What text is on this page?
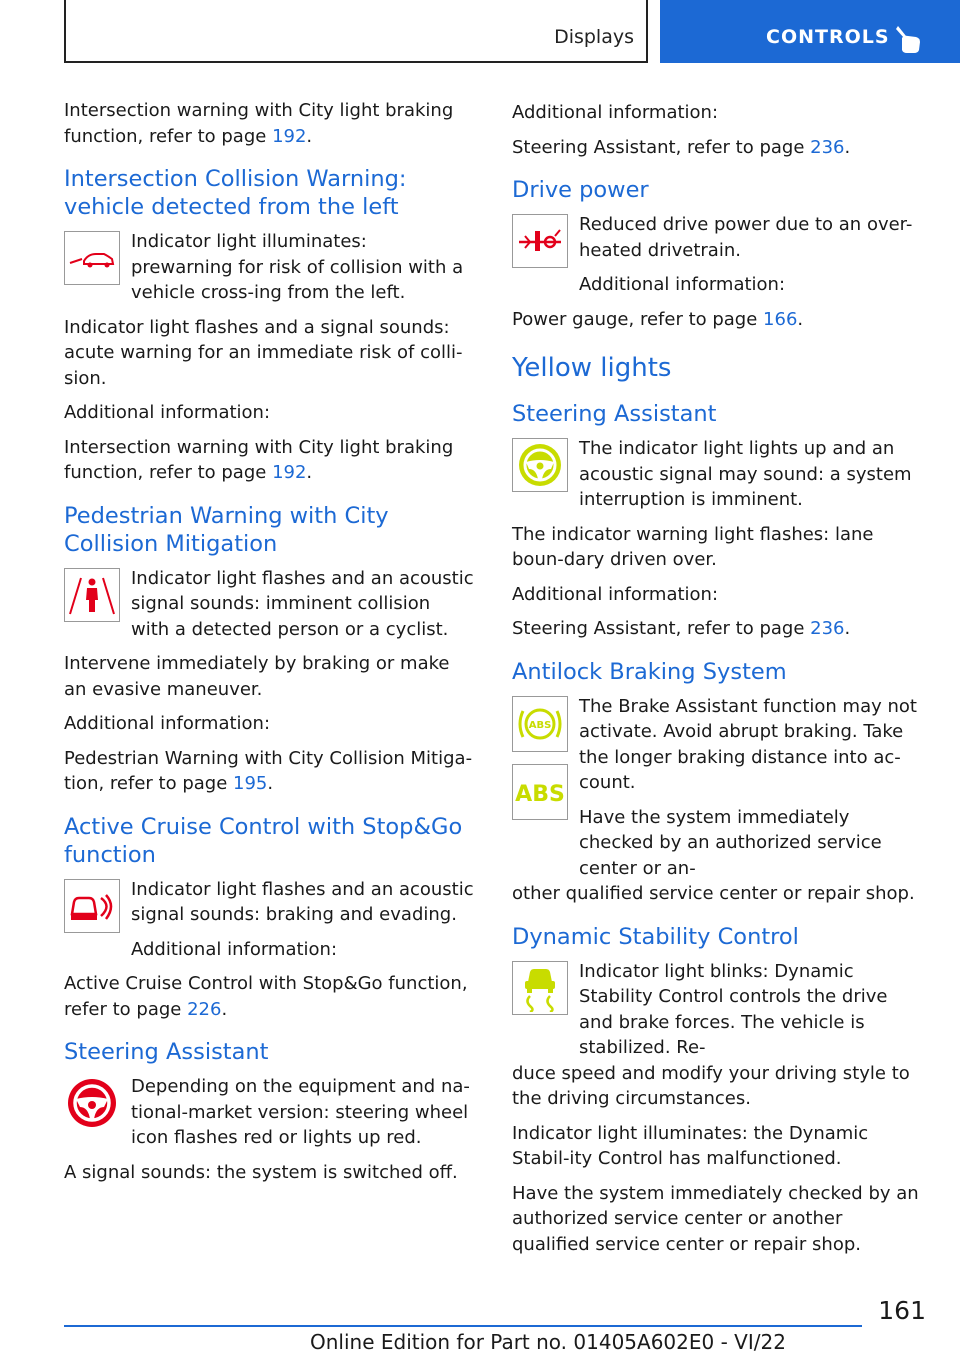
Displays	CONTROLS

Intersection warning with City light braking function, refer to page 192.

Intersection Collision Warning: vehicle detected from the left

Indicator light illuminates: prewarning for risk of collision with a vehicle cross-ing from the left.

Indicator light flashes and a signal sounds: acute warning for an immediate risk of colli-sion.

Additional information:

Intersection warning with City light braking function, refer to page 192.

Pedestrian Warning with City Collision Mitigation

Indicator light flashes and an acoustic signal sounds: imminent collision with a detected person or a cyclist.

Intervene immediately by braking or make an evasive maneuver.

Additional information:

Pedestrian Warning with City Collision Mitiga-tion, refer to page 195.

Active Cruise Control with Stop&Go function

Indicator light flashes and an acoustic signal sounds: braking and evading.

Additional information:

Active Cruise Control with Stop&Go function, refer to page 226.

Steering Assistant

Depending on the equipment and na-tional-market version: steering wheel icon flashes red or lights up red.

A signal sounds: the system is switched off.

Additional information:

Steering Assistant, refer to page 236.

Drive power

Reduced drive power due to an over-heated drivetrain.

Additional information:

Power gauge, refer to page 166.

Yellow lights
Steering Assistant

The indicator light lights up and an acoustic signal may sound: a system interruption is imminent.

The indicator warning light flashes: lane boun-dary driven over.

Additional information:

Steering Assistant, refer to page 236.

Antilock Braking System
ABS
ABS

The Brake Assistant function may not activate. Avoid abrupt braking. Take the longer braking distance into ac-count.

Have the system immediately checked by an authorized service center or an-

other qualified service center or repair shop.

Dynamic Stability Control

Indicator light blinks: Dynamic Stability Control controls the drive and brake forces. The vehicle is stabilized. Re-

duce speed and modify your driving style to the driving circumstances.

Indicator light illuminates: the Dynamic Stabil-ity Control has malfunctioned.

Have the system immediately checked by an authorized service center or another qualified service center or repair shop.

161
Online Edition for Part no. 01405A602E0 - VI/22
